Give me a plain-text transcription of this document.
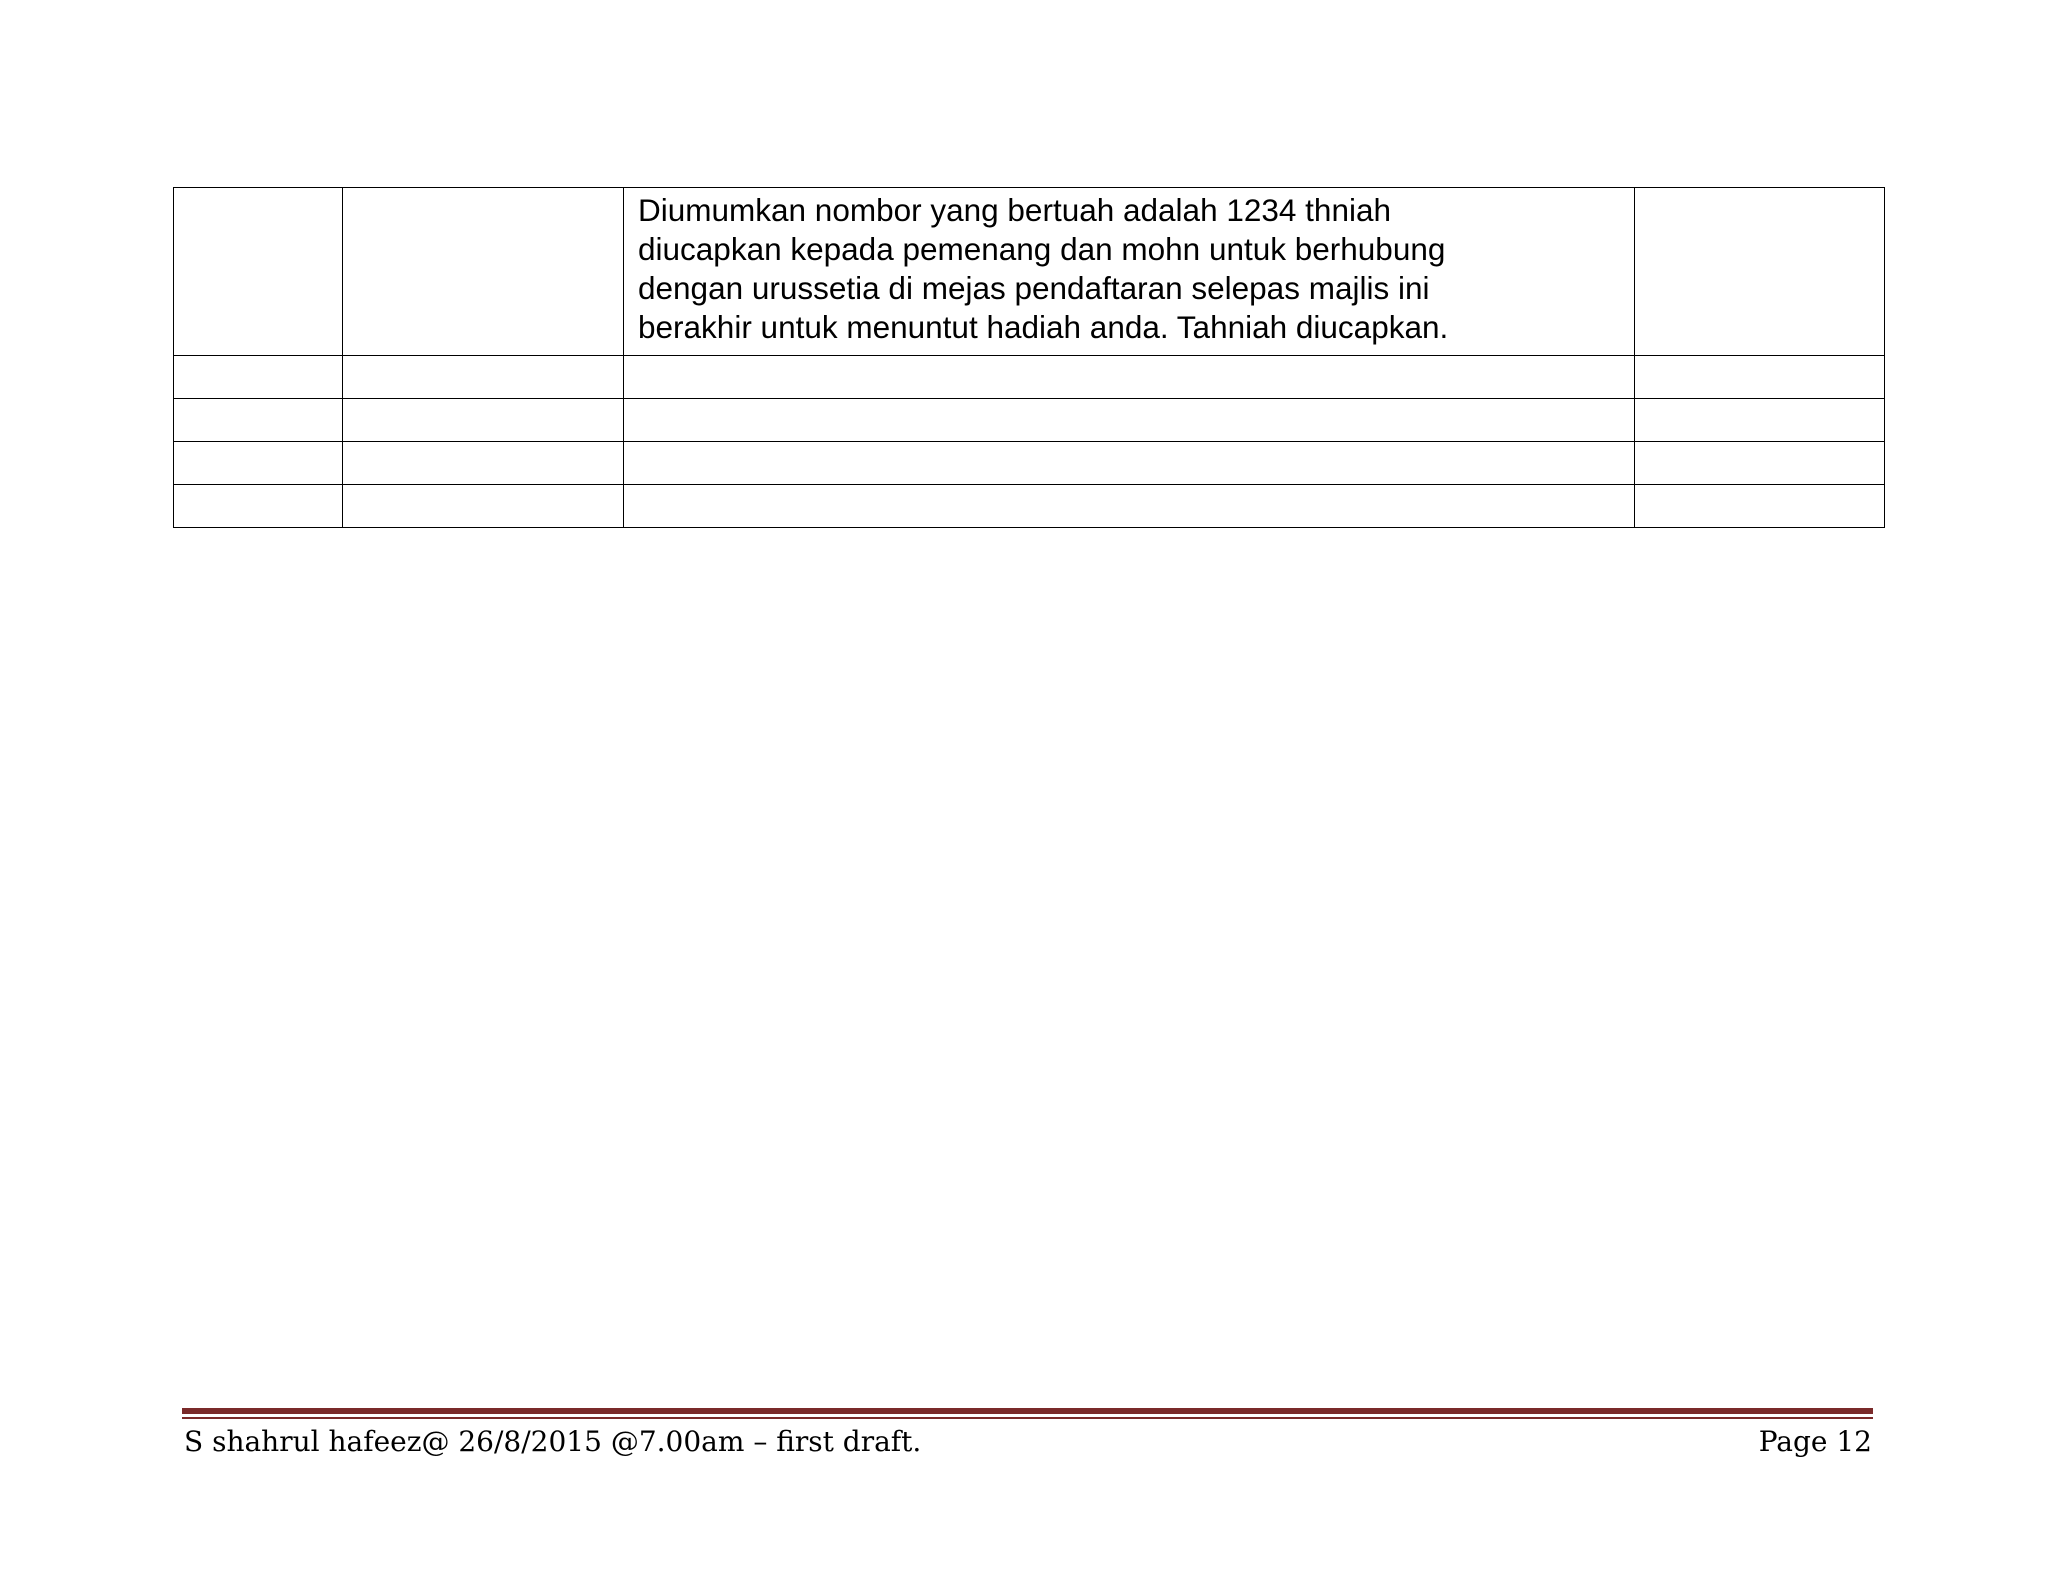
		Diumumkan nombor yang bertuah adalah 1234 thniah
diucapkan kepada pemenang dan mohn untuk berhubung
dengan urussetia di mejas pendaftaran selepas majlis ini
berakhir untuk menuntut hadiah anda. Tahniah diucapkan.	

S shahrul hafeez@ 26/8/2015 @7.00am – first draft.	Page 12
